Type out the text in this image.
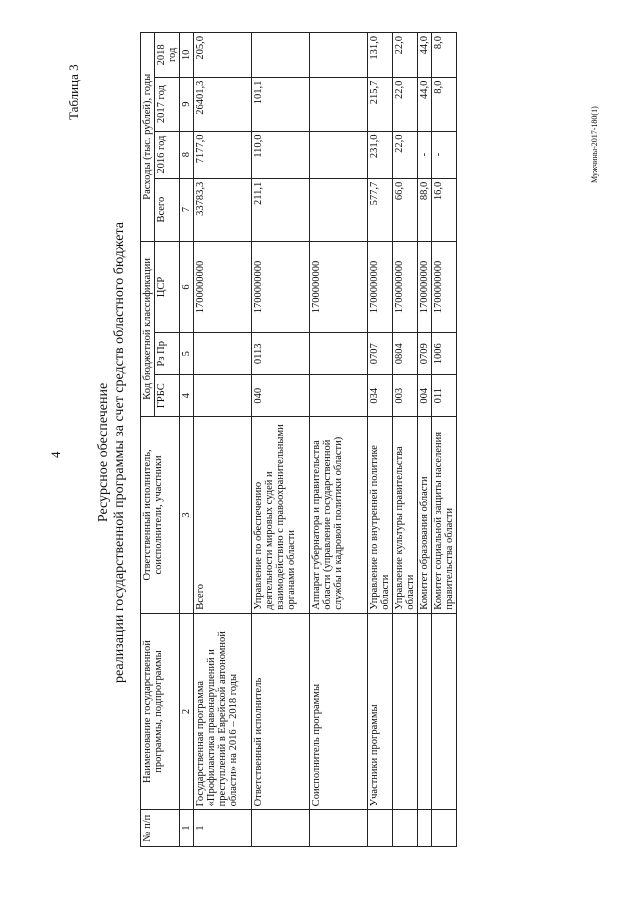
4
Таблица 3
Ресурсное обеспечение реализации государственной программы за счет средств областного бюджета
№ п/п	Наименование государственной программы, подпрограммы	Ответственный исполнитель, соисполнители, участники	Код бюджетной классификации			Расходы (тыс. рублей), годы			
			ГРБС	Рз Пр	ЦСР	Всего	2016 год	2017 год	2018 год

1	2	3	4	5	6	7	8	9	10
1	Государственная программа «Профилактика правонарушений и преступлений в Еврейской автономной области» на 2016 – 2018 годы	Всего			1700000000	33783,3	7177,0	26401,3	205,0
	Ответственный исполнитель	Управление по обеспечению деятельности мировых судей и взаимодействию с правоохранительными органами области	040	0113	1700000000	211,1	110,0	101,1	
	Соисполнитель программы	Аппарат губернатора и правительства области (управление государственной службы и кадровой политики области)			1700000000				
	Участники программы	Управление по внутренней политике области	034	0707	1700000000	577,7	231,0	215,7	131,0
		Управление культуры правительства области	003	0804	1700000000	66,0	22,0	22,0	22,0
		Комитет образования области	004	0709	1700000000	88,0	-	44,0	44,0
		Комитет социальной защиты населения правительства области	011	1006	1700000000	16,0	-	8,0	8,0
Мужчины-2017-180(1)
